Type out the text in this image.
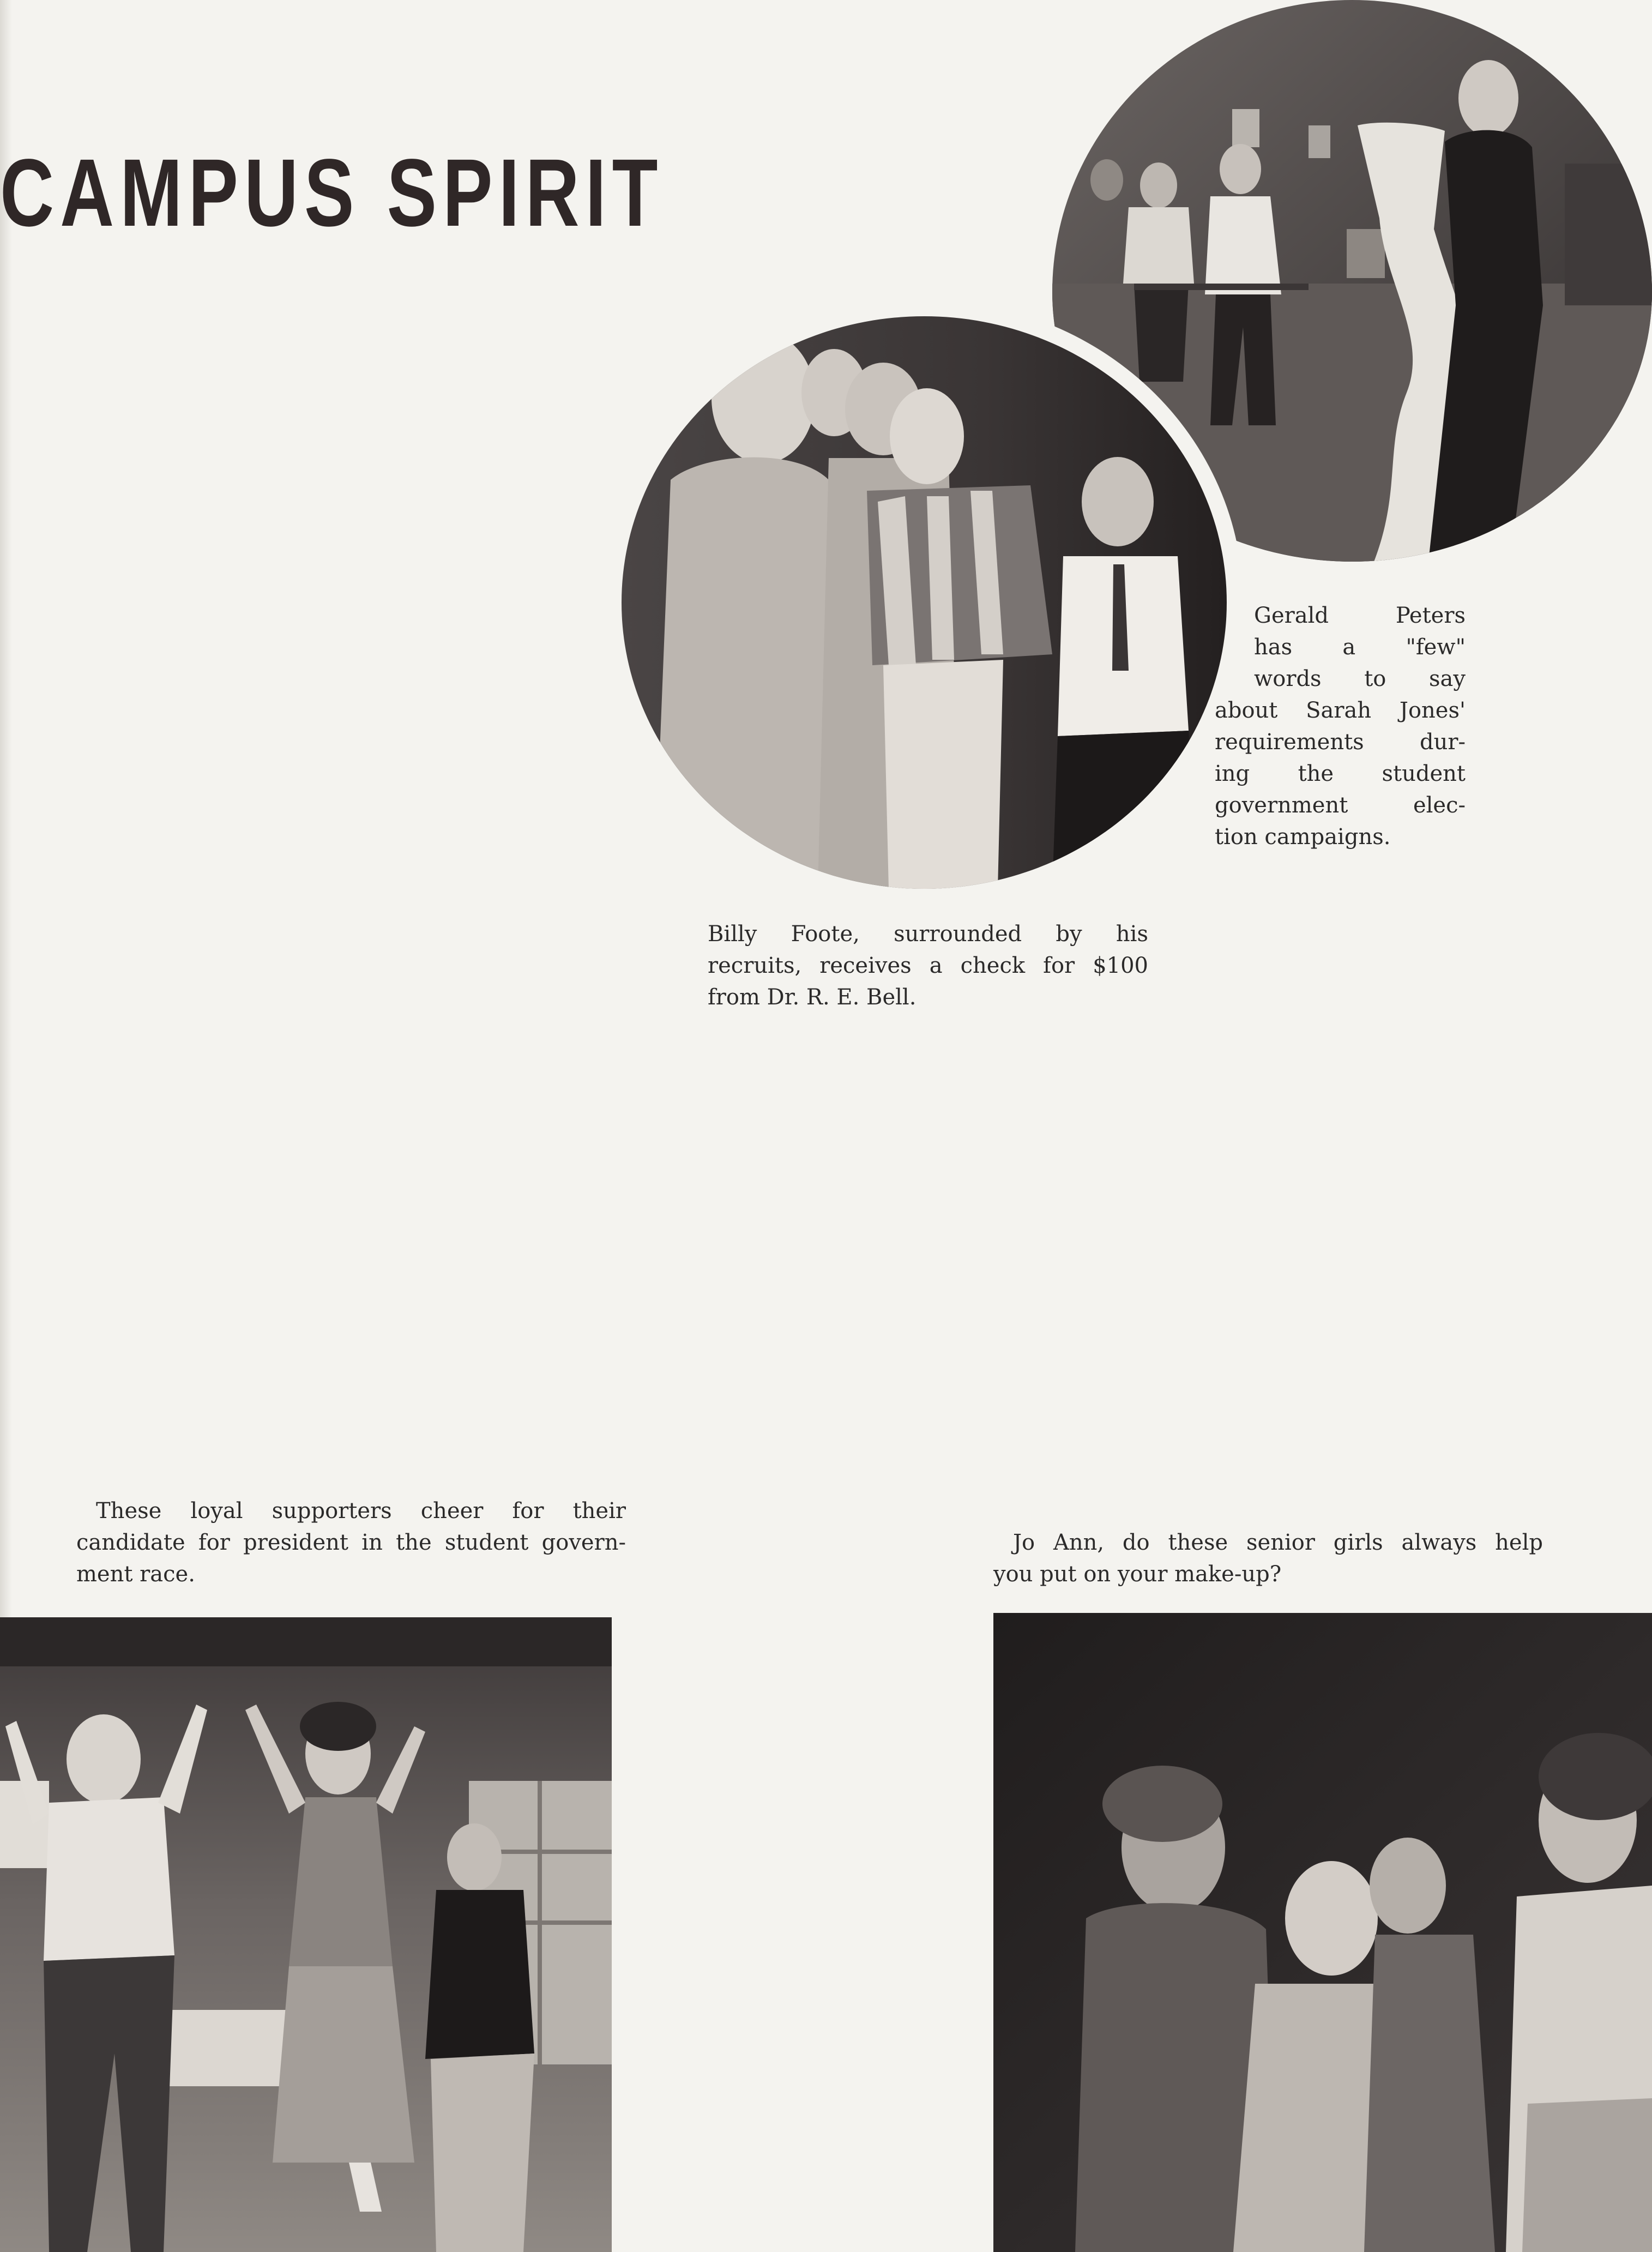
CAMPUS SPIRIT
Gerald Peters
has a "few"
words to say
about Sarah Jones'
requirements dur-
ing the student
government elec-
tion campaigns.
Billy Foote, surrounded by his
recruits, receives a check for $100
from Dr. R. E. Bell.
These loyal supporters cheer for their
candidate for president in the student govern-
ment race.
Jo Ann, do these senior girls always help
you put on your make-up?
